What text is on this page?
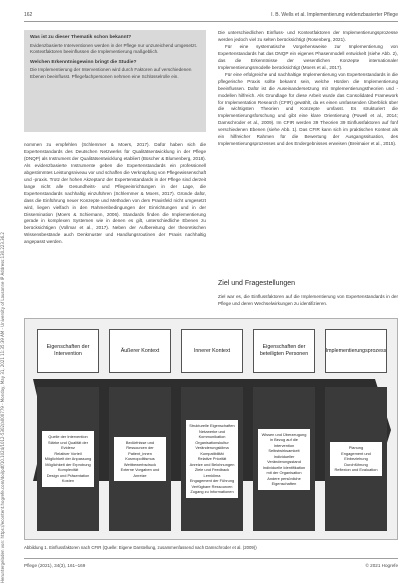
Heruntergeladen von: https://econtent.hogrefe.com/doi/pdf/10.1024/1012-5302/a000779 - Monday, May 31, 2021 11:35:39 AM - University of Lausanne IP Address:130.223.36.2
162	I. B. Wells et al. Implementierung evidenzbasierter Pflege
Was ist zu dieser Thematik schon bekannt?

Evidenzbasierte Interventionen werden in der Pflege nur unzureichend umgesetzt. Kontextfaktoren beeinflussen die Implementierung maßgeblich.

Welchen Erkenntnisgewinn bringt die Studie?

Die Implementierung der Interventionen wird durch Faktoren auf verschiedenen Ebenen beeinflusst. Pflegefachpersonen nehmen eine Schlüsselrolle ein.

nommen zu empfehlen (Schlemmer & Moers, 2017). Dafür haben sich die Expertenstandards des Deutschen Netzwerks für Qualitätsentwicklung in der Pflege (DNQP) als Instrument der Qualitätsentwicklung etabliert (Büscher & Blumenberg, 2018). Als evidenzbasierte Instrumente geben die Expertenstandards ein professionell abgestimmtes Leistungsniveau vor und schaffen die Verknüpfung von Pflegewissenschaft und -praxis. Trotz der hohen Akzeptanz der Expertenstandards in der Pflege sind derzeit lange nicht alle Gesundheits- und Pflegeeinrichtungen in der Lage, die Expertenstandards nachhaltig einzuführen (Schlemmer & Moers, 2017). Gründe dafür, dass die Einführung neuer Konzepte und Methoden von dem Praxisfeld nicht umgesetzt wird, liegen vielfach in den Rahmenbedingungen der Einrichtungen und in der Dissemination (Moers & Schiemann, 2006). Standards finden die Implementierung gerade in komplexen Systemen wie in denen es gilt, unterschiedliche Ebenen zu berücksichtigen (Vollmar et al., 2017). Neben der Aufbereitung der theoretischen Wissensbestände auch Denkmuster und Handlungsroutinen der Praxis nachhaltig angepasst werden.

Die unterschiedlichen Einfluss- und Kontextfaktoren der Implementierungsprozesse werden jedoch viel zu selten berücksichtigt (Rosenberg, 2021).

Für eine systematische Vorgehensweise zur Implementierung von Expertenstandards hat das DNQP ein eigenes Phasenmodell entwickelt (siehe Abb. 2), das die Erkenntnisse der wesentlichen Konzepte internationaler Implementierungsmodelle berücksichtigt (Moers et al., 2017).

Für eine erfolgreiche und nachhaltige Implementierung von Expertenstandards in die pflegerische Praxis sollte bekannt sein, welche Hürden die Implementierung beeinflussen. Dafür ist die Auseinandersetzung mit Implementierungstheorien und -modellen hilfreich. Als Grundlage für diese Arbeit wurde das Consolidated Framework for Implementation Research (CFIR) gewählt, da es einen umfassenden Überblick über die wichtigsten Theorien und Konzepte umfasst. Es strukturiert die Implementierungsforschung und gibt eine klare Orientierung (Powell et al., 2014; Damschroder et al., 2009). Im CFIR werden 39 Theorien 39 Einflussfaktoren auf fünf verschiedenen Ebenen (siehe Abb. 1). Das CFIR kann sich im praktischen Kontext als ein hilfreicher Rahmen für die Bewertung der Ausgangssituation, des Implementierungsprozesses und des Endergebnisses erweisen (Breimaier et al., 2015).

Ziel und Fragestellungen

Ziel war es, die Einflussfaktoren auf die Implementierung von Expertenstandards in der Pflege und deren Wechselwirkungen zu identifizieren.

Eigenschaften der Intervention
Quelle der Intervention
Stärke und Qualität der Evidenz
Relativer Vorteil
Möglichkeit der Anpassung
Möglichkeit der Erprobung
Komplexität
Design und Präsentation
Kosten
Äußerer Kontext
Bedürfnisse und Ressourcen der Patient_innen
Kosmopolitismus
Wettbewerbsdruck
Externe Vorgaben und Anreize
Innerer Kontext
Strukturelle Eigenschaften
Netzwerke und Kommunikation
Organisationskultur
Veränderungsklima
Kompatibilität
Relative Priorität
Anreize und Belohnungen
Ziele und Feedback
Lernklima
Engagement der Führung
Verfügbare Ressourcen
Zugang zu Informationen
Eigenschaften der beteiligten Personen
Wissen und Überzeugung in Bezug auf die Intervention
Selbstwirksamkeit
Individueller Veränderungsstand
Individuelle Identifikation mit der Organisation
Andere persönliche Eigenschaften
Implementierungsprozess
Planung
Engagement und Einbeziehung
Durchführung
Reflexion und Evaluation
Abbildung 1. Einflussfaktoren nach CFIR (Quelle: Eigene Darstellung, zusammenfassend nach Damschroder et al. (2009))
Pflege (2021), 34(3), 161–169	© 2021 Hogrefe
